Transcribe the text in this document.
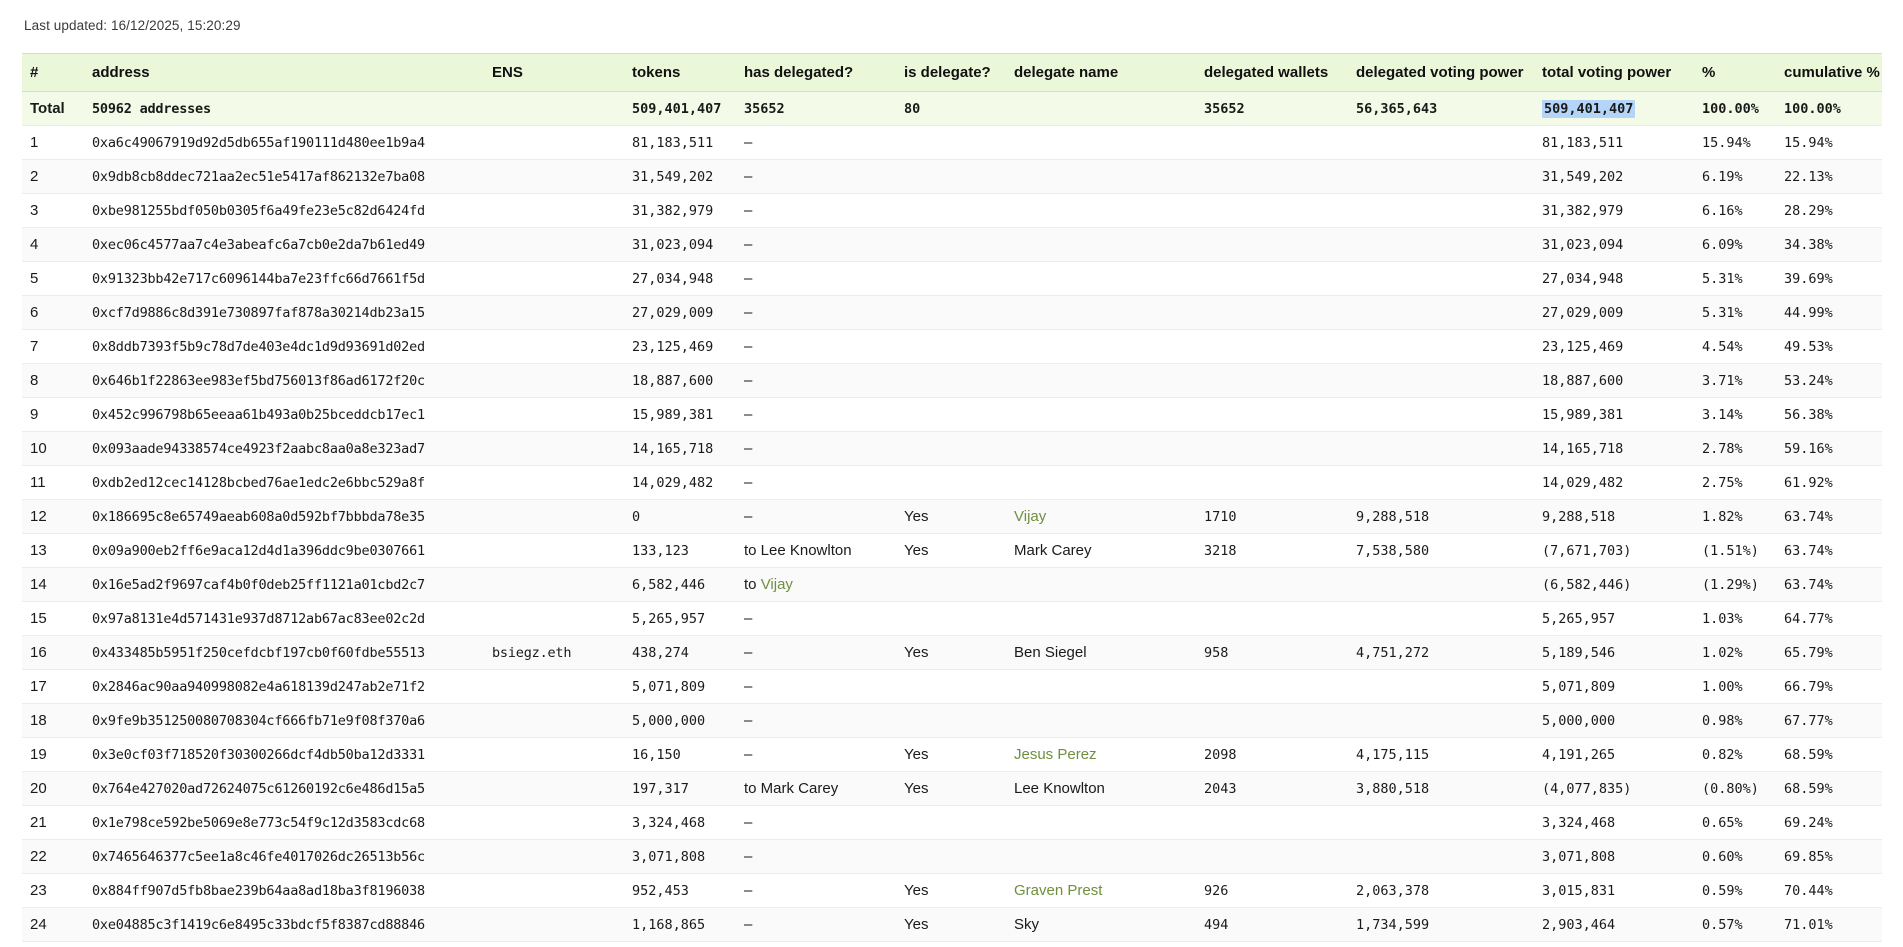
Last updated: 16/12/2025, 15:20:29
#	address	ENS	tokens	has delegated?	is delegate?	delegate name	delegated wallets	delegated voting power	total voting power	%	cumulative %
Total	50962 addresses		509,401,407	35652	80		35652	56,365,643	509,401,407	100.00%	100.00%
1	0xa6c49067919d92d5db655af190111d480ee1b9a4		81,183,511	–					81,183,511	15.94%	15.94%
2	0x9db8cb8ddec721aa2ec51e5417af862132e7ba08		31,549,202	–					31,549,202	6.19%	22.13%
3	0xbe981255bdf050b0305f6a49fe23e5c82d6424fd		31,382,979	–					31,382,979	6.16%	28.29%
4	0xec06c4577aa7c4e3abeafc6a7cb0e2da7b61ed49		31,023,094	–					31,023,094	6.09%	34.38%
5	0x91323bb42e717c6096144ba7e23ffc66d7661f5d		27,034,948	–					27,034,948	5.31%	39.69%
6	0xcf7d9886c8d391e730897faf878a30214db23a15		27,029,009	–					27,029,009	5.31%	44.99%
7	0x8ddb7393f5b9c78d7de403e4dc1d9d93691d02ed		23,125,469	–					23,125,469	4.54%	49.53%
8	0x646b1f22863ee983ef5bd756013f86ad6172f20c		18,887,600	–					18,887,600	3.71%	53.24%
9	0x452c996798b65eeaa61b493a0b25bceddcb17ec1		15,989,381	–					15,989,381	3.14%	56.38%
10	0x093aade94338574ce4923f2aabc8aa0a8e323ad7		14,165,718	–					14,165,718	2.78%	59.16%
11	0xdb2ed12cec14128bcbed76ae1edc2e6bbc529a8f		14,029,482	–					14,029,482	2.75%	61.92%
12	0x186695c8e65749aeab608a0d592bf7bbbda78e35		0	–	Yes	Vijay	1710	9,288,518	9,288,518	1.82%	63.74%
13	0x09a900eb2ff6e9aca12d4d1a396ddc9be0307661		133,123	to Lee Knowlton	Yes	Mark Carey	3218	7,538,580	(7,671,703)	(1.51%)	63.74%
14	0x16e5ad2f9697caf4b0f0deb25ff1121a01cbd2c7		6,582,446	to Vijay					(6,582,446)	(1.29%)	63.74%
15	0x97a8131e4d571431e937d8712ab67ac83ee02c2d		5,265,957	–					5,265,957	1.03%	64.77%
16	0x433485b5951f250cefdcbf197cb0f60fdbe55513	bsiegz.eth	438,274	–	Yes	Ben Siegel	958	4,751,272	5,189,546	1.02%	65.79%
17	0x2846ac90aa940998082e4a618139d247ab2e71f2		5,071,809	–					5,071,809	1.00%	66.79%
18	0x9fe9b351250080708304cf666fb71e9f08f370a6		5,000,000	–					5,000,000	0.98%	67.77%
19	0x3e0cf03f718520f30300266dcf4db50ba12d3331		16,150	–	Yes	Jesus Perez	2098	4,175,115	4,191,265	0.82%	68.59%
20	0x764e427020ad72624075c61260192c6e486d15a5		197,317	to Mark Carey	Yes	Lee Knowlton	2043	3,880,518	(4,077,835)	(0.80%)	68.59%
21	0x1e798ce592be5069e8e773c54f9c12d3583cdc68		3,324,468	–					3,324,468	0.65%	69.24%
22	0x7465646377c5ee1a8c46fe4017026dc26513b56c		3,071,808	–					3,071,808	0.60%	69.85%
23	0x884ff907d5fb8bae239b64aa8ad18ba3f8196038		952,453	–	Yes	Graven Prest	926	2,063,378	3,015,831	0.59%	70.44%
24	0xe04885c3f1419c6e8495c33bdcf5f8387cd88846		1,168,865	–	Yes	Sky	494	1,734,599	2,903,464	0.57%	71.01%
